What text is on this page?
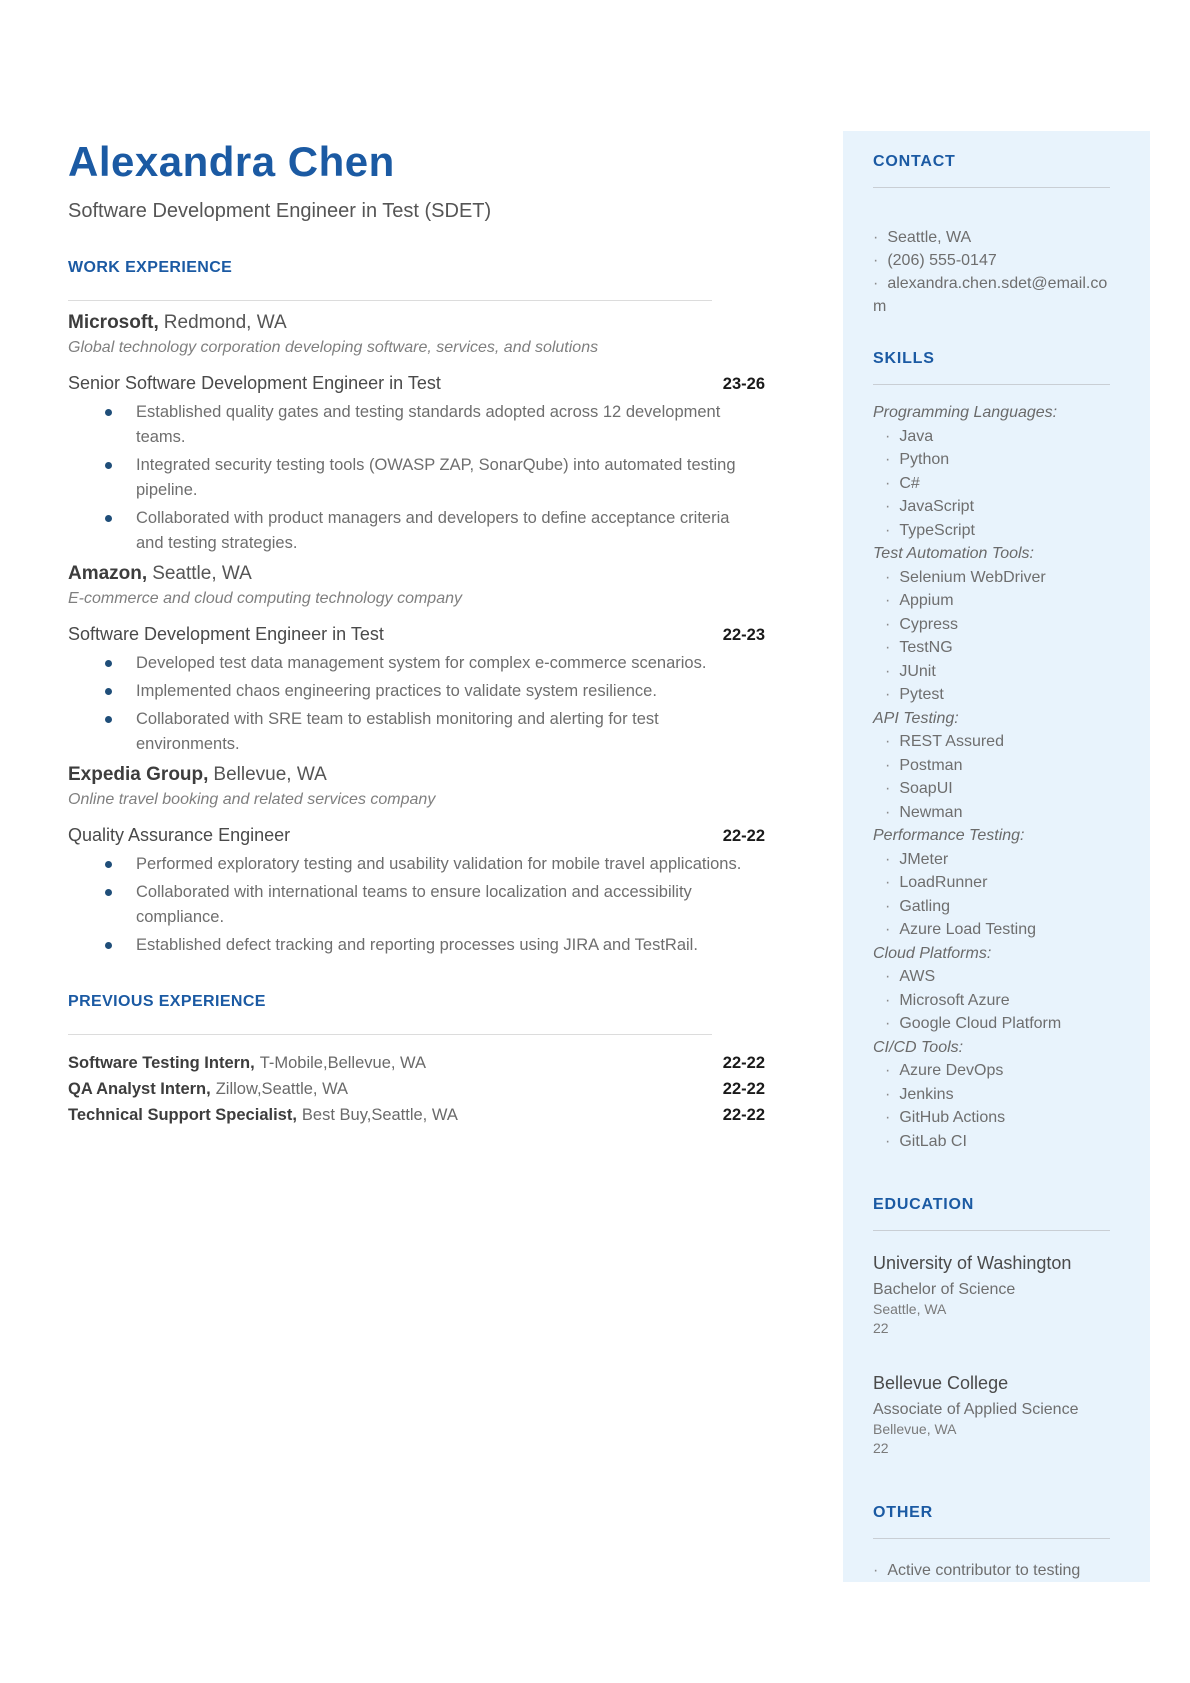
Alexandra Chen
Software Development Engineer in Test (SDET)
WORK EXPERIENCE
Microsoft, Redmond, WA
Global technology corporation developing software, services, and solutions
Senior Software Development Engineer in Test	23-26
Established quality gates and testing standards adopted across 12 development teams.
Integrated security testing tools (OWASP ZAP, SonarQube) into automated testing pipeline.
Collaborated with product managers and developers to define acceptance criteria and testing strategies.
Amazon, Seattle, WA
E-commerce and cloud computing technology company
Software Development Engineer in Test	22-23
Developed test data management system for complex e-commerce scenarios.
Implemented chaos engineering practices to validate system resilience.
Collaborated with SRE team to establish monitoring and alerting for test environments.
Expedia Group, Bellevue, WA
Online travel booking and related services company
Quality Assurance Engineer	22-22
Performed exploratory testing and usability validation for mobile travel applications.
Collaborated with international teams to ensure localization and accessibility compliance.
Established defect tracking and reporting processes using JIRA and TestRail.
PREVIOUS EXPERIENCE
Software Testing Intern, T-Mobile,Bellevue, WA	22-22
QA Analyst Intern, Zillow,Seattle, WA	22-22
Technical Support Specialist, Best Buy,Seattle, WA	22-22
CONTACT
· Seattle, WA
· (206) 555-0147
· alexandra.chen.sdet@email.com
SKILLS
Programming Languages:
· Java
· Python
· C#
· JavaScript
· TypeScript
Test Automation Tools:
· Selenium WebDriver
· Appium
· Cypress
· TestNG
· JUnit
· Pytest
API Testing:
· REST Assured
· Postman
· SoapUI
· Newman
Performance Testing:
· JMeter
· LoadRunner
· Gatling
· Azure Load Testing
Cloud Platforms:
· AWS
· Microsoft Azure
· Google Cloud Platform
CI/CD Tools:
· Azure DevOps
· Jenkins
· GitHub Actions
· GitLab CI
EDUCATION
University of Washington
Bachelor of Science
Seattle, WA
22
Bellevue College
Associate of Applied Science
Bellevue, WA
22
OTHER
· Active contributor to testing
